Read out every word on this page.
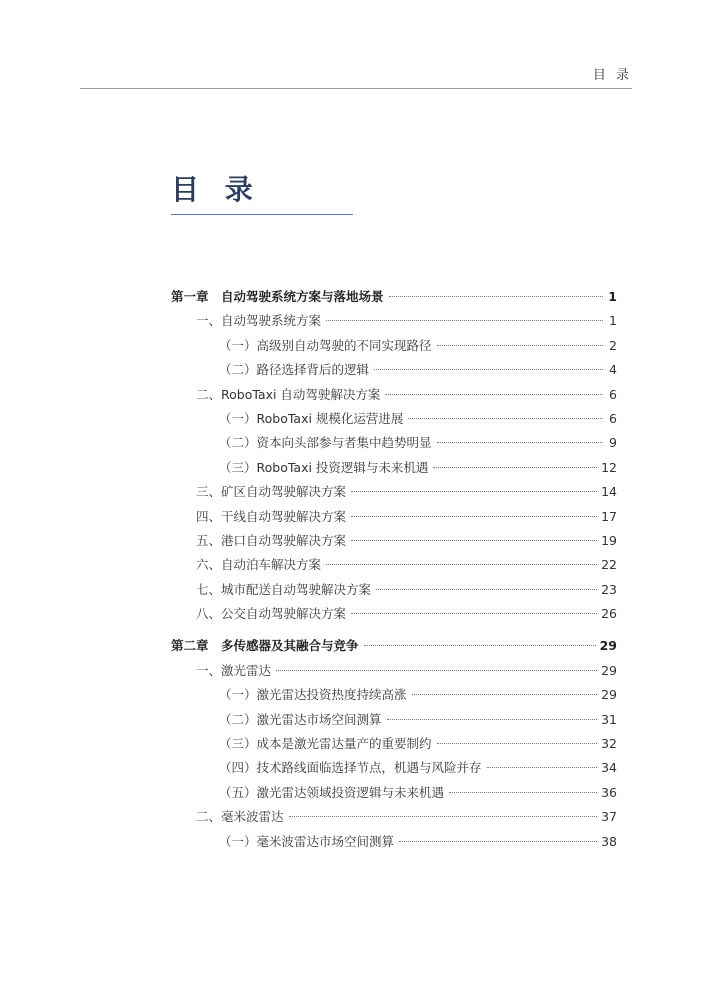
目 录
目 录
第一章　自动驾驶系统方案与落地场景	1
一、自动驾驶系统方案	1
（一）高级别自动驾驶的不同实现路径	2
（二）路径选择背后的逻辑	4
二、RoboTaxi 自动驾驶解决方案	6
（一）RoboTaxi 规模化运营进展	6
（二）资本向头部参与者集中趋势明显	9
（三）RoboTaxi 投资逻辑与未来机遇	12
三、矿区自动驾驶解决方案	14
四、干线自动驾驶解决方案	17
五、港口自动驾驶解决方案	19
六、自动泊车解决方案	22
七、城市配送自动驾驶解决方案	23
八、公交自动驾驶解决方案	26
第二章　多传感器及其融合与竞争	29
一、激光雷达	29
（一）激光雷达投资热度持续高涨	29
（二）激光雷达市场空间测算	31
（三）成本是激光雷达量产的重要制约	32
（四）技术路线面临选择节点，机遇与风险并存	34
（五）激光雷达领域投资逻辑与未来机遇	36
二、毫米波雷达	37
（一）毫米波雷达市场空间测算	38
